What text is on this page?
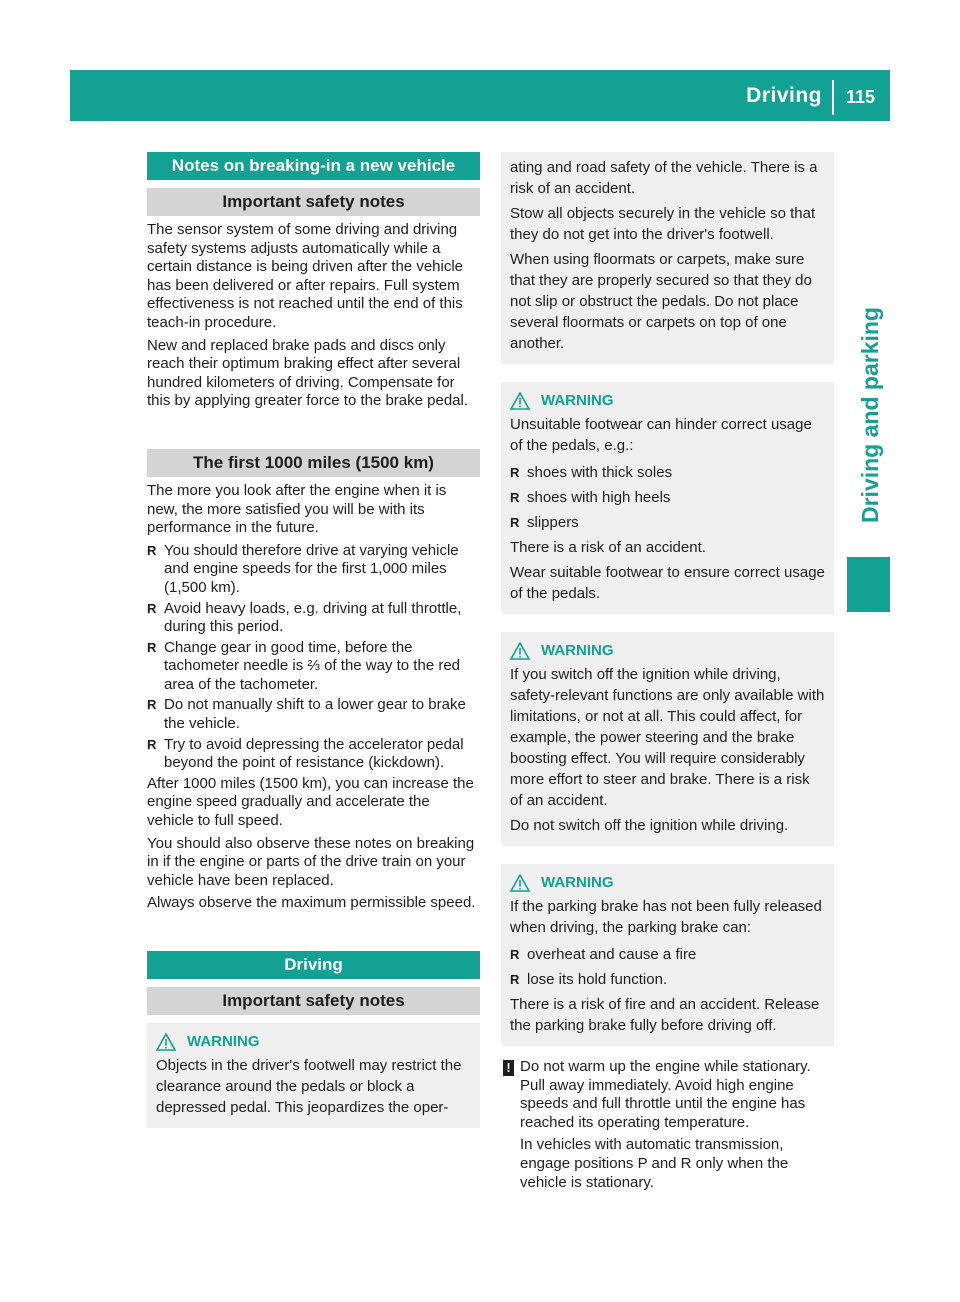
Driving 115
Driving and parking
Notes on breaking-in a new vehicle
Important safety notes

The sensor system of some driving and driving safety systems adjusts automatically while a certain distance is being driven after the vehicle has been delivered or after repairs. Full system effectiveness is not reached until the end of this teach-in procedure.

New and replaced brake pads and discs only reach their optimum braking effect after several hundred kilometers of driving. Compensate for this by applying greater force to the brake pedal.

The first 1000 miles (1500 km)

The more you look after the engine when it is new, the more satisfied you will be with its performance in the future.

R You should therefore drive at varying vehicle and engine speeds for the first 1,000 miles (1,500 km).
R Avoid heavy loads, e.g. driving at full throttle, during this period.
R Change gear in good time, before the tachometer needle is ⅔ of the way to the red area of the tachometer.
R Do not manually shift to a lower gear to brake the vehicle.
R Try to avoid depressing the accelerator pedal beyond the point of resistance (kickdown).

After 1000 miles (1500 km), you can increase the engine speed gradually and accelerate the vehicle to full speed.

You should also observe these notes on breaking in if the engine or parts of the drive train on your vehicle have been replaced.

Always observe the maximum permissible speed.

Driving
Important safety notes
WARNING

Objects in the driver's footwell may restrict the clearance around the pedals or block a depressed pedal. This jeopardizes the oper-

ating and road safety of the vehicle. There is a risk of an accident.

Stow all objects securely in the vehicle so that they do not get into the driver's footwell.

When using floormats or carpets, make sure that they are properly secured so that they do not slip or obstruct the pedals. Do not place several floormats or carpets on top of one another.

WARNING

Unsuitable footwear can hinder correct usage of the pedals, e.g.:

R shoes with thick soles
R shoes with high heels
R slippers

There is a risk of an accident.

Wear suitable footwear to ensure correct usage of the pedals.

WARNING

If you switch off the ignition while driving, safety-relevant functions are only available with limitations, or not at all. This could affect, for example, the power steering and the brake boosting effect. You will require considerably more effort to steer and brake. There is a risk of an accident.

Do not switch off the ignition while driving.

WARNING

If the parking brake has not been fully released when driving, the parking brake can:

R overheat and cause a fire
R lose its hold function.

There is a risk of fire and an accident. Release the parking brake fully before driving off.

! Do not warm up the engine while stationary. Pull away immediately. Avoid high engine speeds and full throttle until the engine has reached its operating temperature.

In vehicles with automatic transmission, engage positions P and R only when the vehicle is stationary.
